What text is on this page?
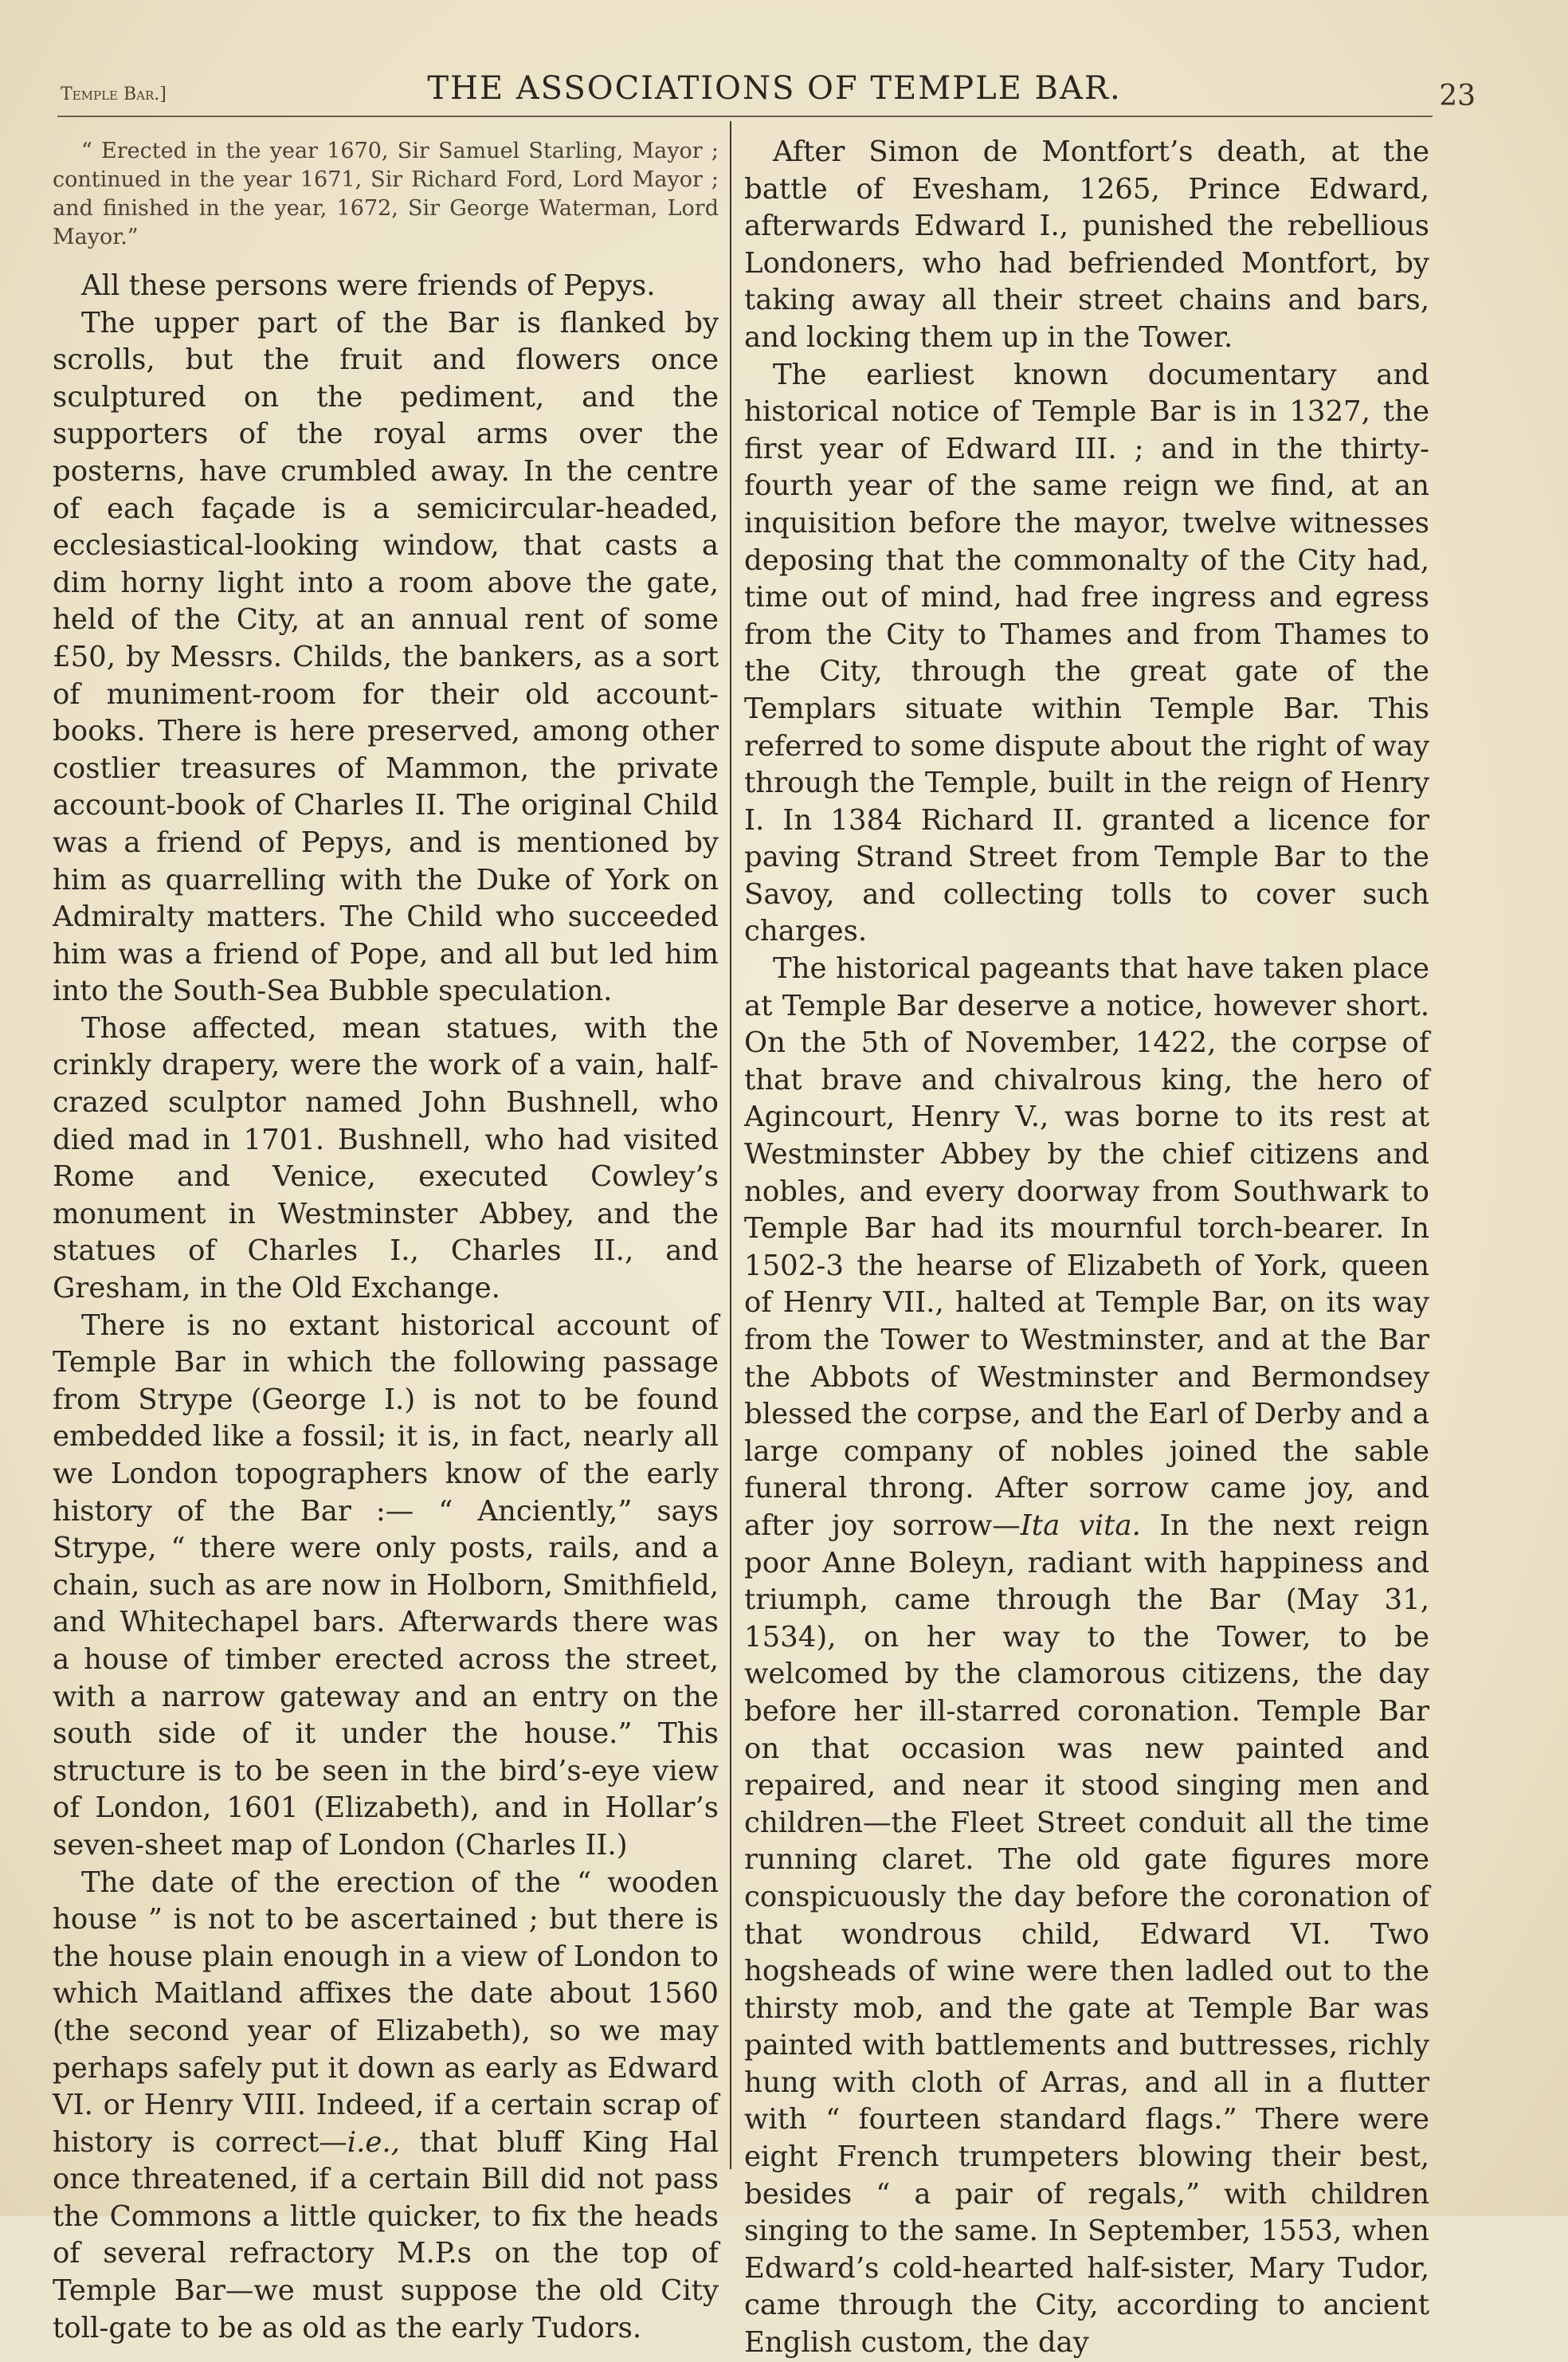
Temple Bar.]	THE ASSOCIATIONS OF TEMPLE BAR.	23

“ Erected in the year 1670, Sir Samuel Starling, Mayor ; continued in the year 1671, Sir Richard Ford, Lord Mayor ; and finished in the year, 1672, Sir George Waterman, Lord Mayor.”

All these persons were friends of Pepys.

The upper part of the Bar is flanked by scrolls, but the fruit and flowers once sculptured on the pediment, and the supporters of the royal arms over the posterns, have crumbled away. In the centre of each façade is a semicircular-headed, ecclesiastical-looking window, that casts a dim horny light into a room above the gate, held of the City, at an annual rent of some £50, by Messrs. Childs, the bankers, as a sort of muniment-room for their old account-books. There is here preserved, among other costlier treasures of Mammon, the private account-book of Charles II. The original Child was a friend of Pepys, and is mentioned by him as quarrelling with the Duke of York on Admiralty matters. The Child who succeeded him was a friend of Pope, and all but led him into the South-Sea Bubble speculation.

Those affected, mean statues, with the crinkly drapery, were the work of a vain, half-crazed sculptor named John Bushnell, who died mad in 1701. Bushnell, who had visited Rome and Venice, executed Cowley’s monument in Westminster Abbey, and the statues of Charles I., Charles II., and Gresham, in the Old Exchange.

There is no extant historical account of Temple Bar in which the following passage from Strype (George I.) is not to be found embedded like a fossil; it is, in fact, nearly all we London topographers know of the early history of the Bar :— “ Anciently,” says Strype, “ there were only posts, rails, and a chain, such as are now in Holborn, Smithfield, and Whitechapel bars. Afterwards there was a house of timber erected across the street, with a narrow gateway and an entry on the south side of it under the house.” This structure is to be seen in the bird’s-eye view of London, 1601 (Elizabeth), and in Hollar’s seven-sheet map of London (Charles II.)

The date of the erection of the “ wooden house ” is not to be ascertained ; but there is the house plain enough in a view of London to which Maitland affixes the date about 1560 (the second year of Elizabeth), so we may perhaps safely put it down as early as Edward VI. or Henry VIII. Indeed, if a certain scrap of history is correct—i.e., that bluff King Hal once threatened, if a certain Bill did not pass the Commons a little quicker, to fix the heads of several refractory M.P.s on the top of Temple Bar—we must suppose the old City toll-gate to be as old as the early Tudors.

After Simon de Montfort’s death, at the battle of Evesham, 1265, Prince Edward, afterwards Edward I., punished the rebellious Londoners, who had befriended Montfort, by taking away all their street chains and bars, and locking them up in the Tower.

The earliest known documentary and historical notice of Temple Bar is in 1327, the first year of Edward III. ; and in the thirty-fourth year of the same reign we find, at an inquisition before the mayor, twelve witnesses deposing that the commonalty of the City had, time out of mind, had free ingress and egress from the City to Thames and from Thames to the City, through the great gate of the Templars situate within Temple Bar. This referred to some dispute about the right of way through the Temple, built in the reign of Henry I. In 1384 Richard II. granted a licence for paving Strand Street from Temple Bar to the Savoy, and collecting tolls to cover such charges.

The historical pageants that have taken place at Temple Bar deserve a notice, however short. On the 5th of November, 1422, the corpse of that brave and chivalrous king, the hero of Agincourt, Henry V., was borne to its rest at Westminster Abbey by the chief citizens and nobles, and every doorway from Southwark to Temple Bar had its mournful torch-bearer. In 1502-3 the hearse of Elizabeth of York, queen of Henry VII., halted at Temple Bar, on its way from the Tower to Westminster, and at the Bar the Abbots of Westminster and Bermondsey blessed the corpse, and the Earl of Derby and a large company of nobles joined the sable funeral throng. After sorrow came joy, and after joy sorrow—Ita vita. In the next reign poor Anne Boleyn, radiant with happiness and triumph, came through the Bar (May 31, 1534), on her way to the Tower, to be welcomed by the clamorous citizens, the day before her ill-starred coronation. Temple Bar on that occasion was new painted and repaired, and near it stood singing men and children—the Fleet Street conduit all the time running claret. The old gate figures more conspicuously the day before the coronation of that wondrous child, Edward VI. Two hogsheads of wine were then ladled out to the thirsty mob, and the gate at Temple Bar was painted with battlements and buttresses, richly hung with cloth of Arras, and all in a flutter with “ fourteen standard flags.” There were eight French trumpeters blowing their best, besides “ a pair of regals,” with children singing to the same. In September, 1553, when Edward’s cold-hearted half-sister, Mary Tudor, came through the City, according to ancient English custom, the day
